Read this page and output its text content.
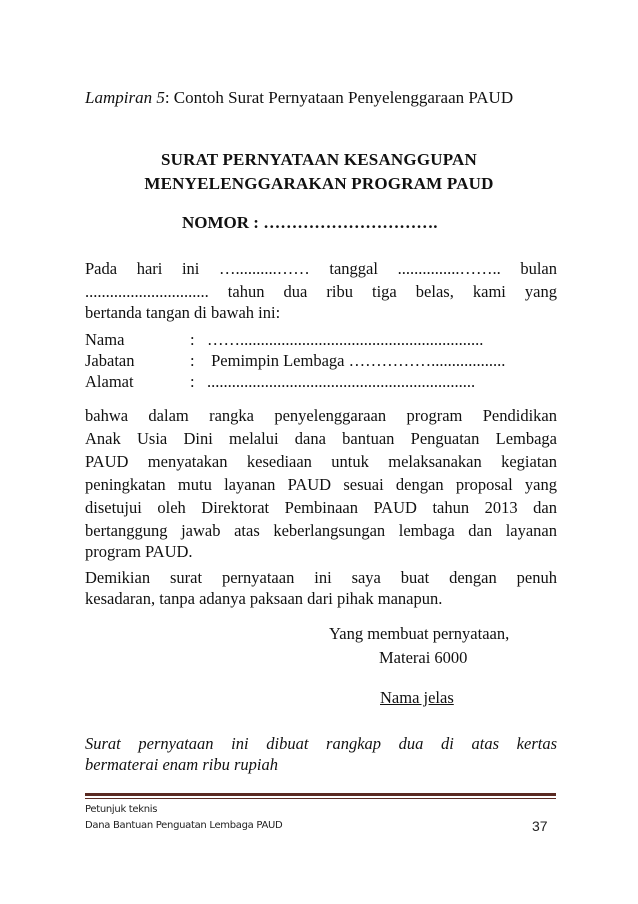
Lampiran 5: Contoh Surat Pernyataan Penyelenggaraan PAUD
SURAT PERNYATAAN KESANGGUPAN
MENYELENGGARAKAN PROGRAM PAUD
NOMOR : ………………………….
Pada hari ini …..........…… tanggal ...............…….. bulan
.............................. tahun dua ribu tiga belas, kami yang
bertanda tangan di bawah ini:
Nama	: ……...........................................................
Jabatan	: Pemimpin Lembaga ……………..................
Alamat	: .................................................................
bahwa dalam rangka penyelenggaraan program Pendidikan
Anak Usia Dini melalui dana bantuan Penguatan Lembaga
PAUD menyatakan kesediaan untuk melaksanakan kegiatan
peningkatan mutu layanan PAUD sesuai dengan proposal yang
disetujui oleh Direktorat Pembinaan PAUD tahun 2013 dan
bertanggung jawab atas keberlangsungan lembaga dan layanan
program PAUD.
Demikian surat pernyataan ini saya buat dengan penuh
kesadaran, tanpa adanya paksaan dari pihak manapun.
Yang membuat pernyataan,
Materai 6000
Nama jelas
Surat pernyataan ini dibuat rangkap dua di atas kertas
bermaterai enam ribu rupiah
Petunjuk teknis
Dana Bantuan Penguatan Lembaga PAUD	37
